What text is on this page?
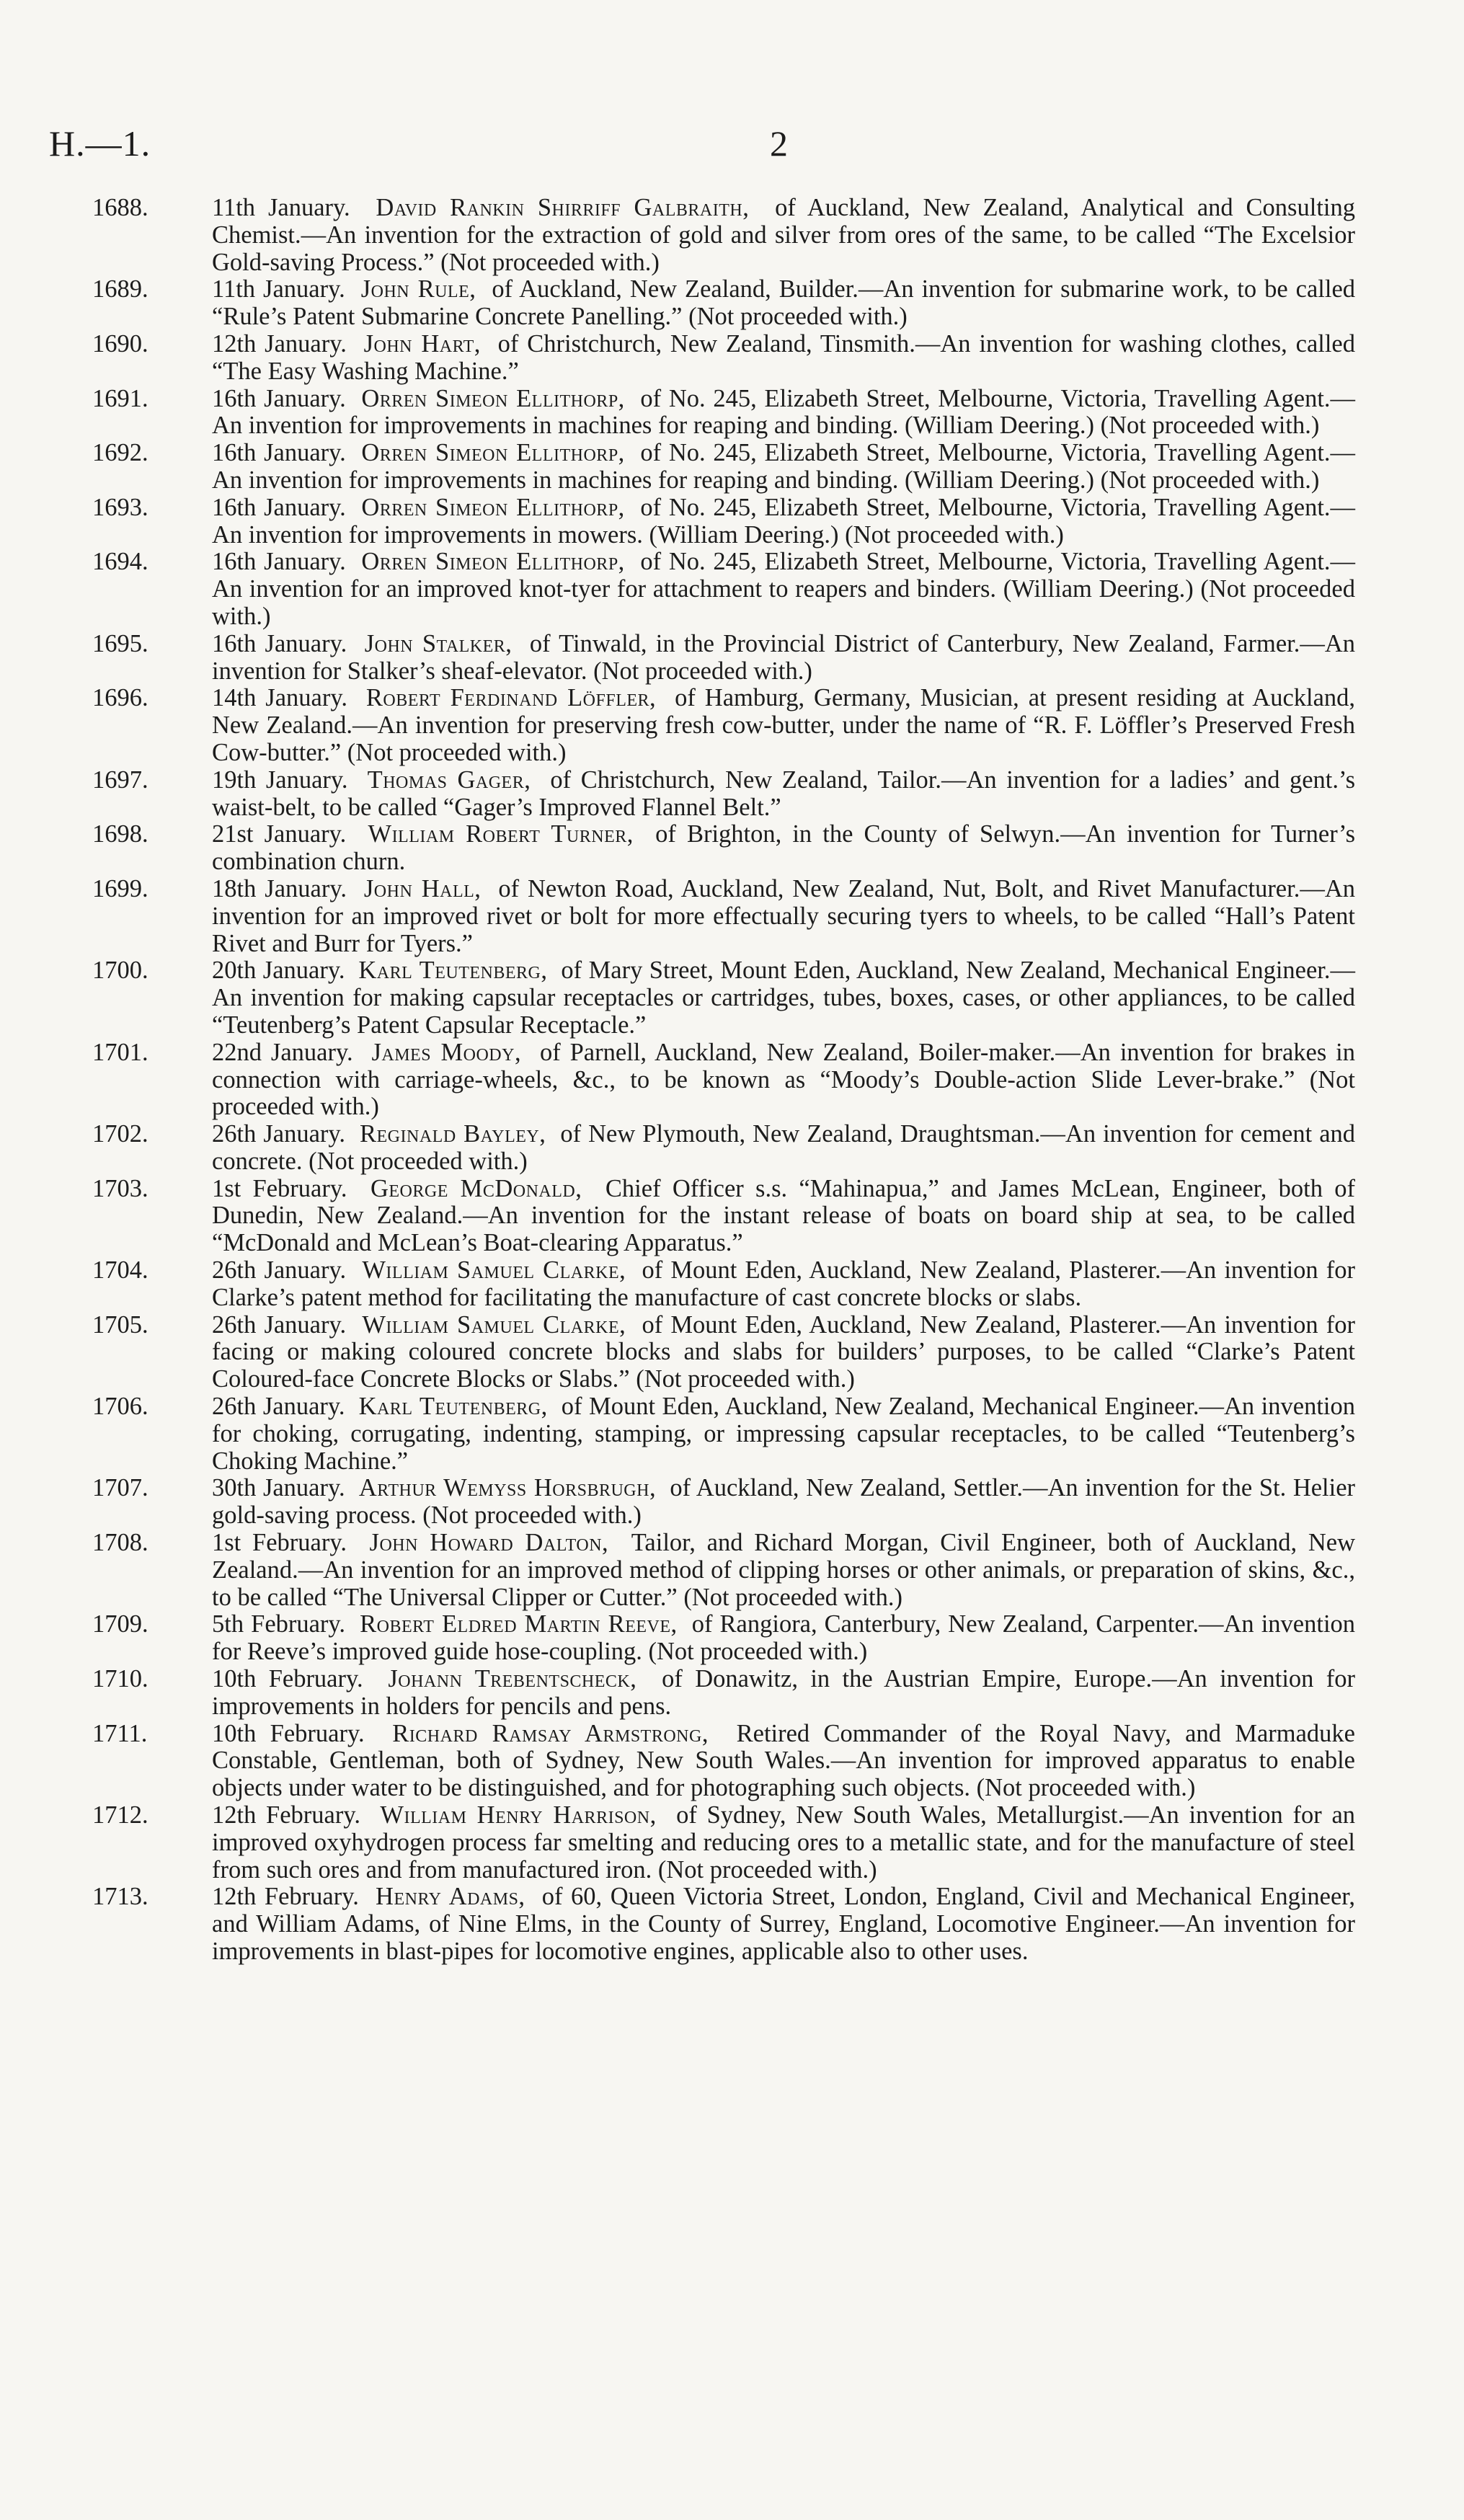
H.—1.	2
1688.	11th January. David Rankin Shirriff Galbraith, of Auckland, New Zealand, Analytical and Consulting Chemist.—An invention for the extraction of gold and silver from ores of the same, to be called “The Excelsior Gold-saving Process.” (Not proceeded with.)
1689.	11th January. John Rule, of Auckland, New Zealand, Builder.—An invention for submarine work, to be called “Rule’s Patent Submarine Concrete Panelling.” (Not proceeded with.)
1690.	12th January. John Hart, of Christchurch, New Zealand, Tinsmith.—An invention for washing clothes, called “The Easy Washing Machine.”
1691.	16th January. Orren Simeon Ellithorp, of No. 245, Elizabeth Street, Melbourne, Victoria, Travelling Agent.—An invention for improvements in machines for reaping and binding. (William Deering.) (Not proceeded with.)
1692.	16th January. Orren Simeon Ellithorp, of No. 245, Elizabeth Street, Melbourne, Victoria, Travelling Agent.—An invention for improvements in machines for reaping and binding. (William Deering.) (Not proceeded with.)
1693.	16th January. Orren Simeon Ellithorp, of No. 245, Elizabeth Street, Melbourne, Victoria, Travelling Agent.—An invention for improvements in mowers. (William Deering.) (Not proceeded with.)
1694.	16th January. Orren Simeon Ellithorp, of No. 245, Elizabeth Street, Melbourne, Victoria, Travelling Agent.—An invention for an improved knot-tyer for attachment to reapers and binders. (William Deering.) (Not proceeded with.)
1695.	16th January. John Stalker, of Tinwald, in the Provincial District of Canterbury, New Zealand, Farmer.—An invention for Stalker’s sheaf-elevator. (Not proceeded with.)
1696.	14th January. Robert Ferdinand Löffler, of Hamburg, Germany, Musician, at present residing at Auckland, New Zealand.—An invention for preserving fresh cow-butter, under the name of “R. F. Löffler’s Preserved Fresh Cow-butter.” (Not proceeded with.)
1697.	19th January. Thomas Gager, of Christchurch, New Zealand, Tailor.—An invention for a ladies’ and gent.’s waist-belt, to be called “Gager’s Improved Flannel Belt.”
1698.	21st January. William Robert Turner, of Brighton, in the County of Selwyn.—An invention for Turner’s combination churn.
1699.	18th January. John Hall, of Newton Road, Auckland, New Zealand, Nut, Bolt, and Rivet Manufacturer.—An invention for an improved rivet or bolt for more effectually securing tyers to wheels, to be called “Hall’s Patent Rivet and Burr for Tyers.”
1700.	20th January. Karl Teutenberg, of Mary Street, Mount Eden, Auckland, New Zealand, Mechanical Engineer.—An invention for making capsular receptacles or cartridges, tubes, boxes, cases, or other appliances, to be called “Teutenberg’s Patent Capsular Receptacle.”
1701.	22nd January. James Moody, of Parnell, Auckland, New Zealand, Boiler-maker.—An invention for brakes in connection with carriage-wheels, &c., to be known as “Moody’s Double-action Slide Lever-brake.” (Not proceeded with.)
1702.	26th January. Reginald Bayley, of New Plymouth, New Zealand, Draughtsman.—An invention for cement and concrete. (Not proceeded with.)
1703.	1st February. George McDonald, Chief Officer s.s. “Mahinapua,” and James McLean, Engineer, both of Dunedin, New Zealand.—An invention for the instant release of boats on board ship at sea, to be called “McDonald and McLean’s Boat-clearing Apparatus.”
1704.	26th January. William Samuel Clarke, of Mount Eden, Auckland, New Zealand, Plasterer.—An invention for Clarke’s patent method for facilitating the manufacture of cast concrete blocks or slabs.
1705.	26th January. William Samuel Clarke, of Mount Eden, Auckland, New Zealand, Plasterer.—An invention for facing or making coloured concrete blocks and slabs for builders’ purposes, to be called “Clarke’s Patent Coloured-face Concrete Blocks or Slabs.” (Not proceeded with.)
1706.	26th January. Karl Teutenberg, of Mount Eden, Auckland, New Zealand, Mechanical Engineer.—An invention for choking, corrugating, indenting, stamping, or impressing capsular receptacles, to be called “Teutenberg’s Choking Machine.”
1707.	30th January. Arthur Wemyss Horsbrugh, of Auckland, New Zealand, Settler.—An invention for the St. Helier gold-saving process. (Not proceeded with.)
1708.	1st February. John Howard Dalton, Tailor, and Richard Morgan, Civil Engineer, both of Auckland, New Zealand.—An invention for an improved method of clipping horses or other animals, or preparation of skins, &c., to be called “The Universal Clipper or Cutter.” (Not proceeded with.)
1709.	5th February. Robert Eldred Martin Reeve, of Rangiora, Canterbury, New Zealand, Carpenter.—An invention for Reeve’s improved guide hose-coupling. (Not proceeded with.)
1710.	10th February. Johann Trebentscheck, of Donawitz, in the Austrian Empire, Europe.—An invention for improvements in holders for pencils and pens.
1711.	10th February. Richard Ramsay Armstrong, Retired Commander of the Royal Navy, and Marmaduke Constable, Gentleman, both of Sydney, New South Wales.—An invention for improved apparatus to enable objects under water to be distinguished, and for photographing such objects. (Not proceeded with.)
1712.	12th February. William Henry Harrison, of Sydney, New South Wales, Metallurgist.—An invention for an improved oxyhydrogen process far smelting and reducing ores to a metallic state, and for the manufacture of steel from such ores and from manufactured iron. (Not proceeded with.)
1713.	12th February. Henry Adams, of 60, Queen Victoria Street, London, England, Civil and Mechanical Engineer, and William Adams, of Nine Elms, in the County of Surrey, England, Locomotive Engineer.—An invention for improvements in blast-pipes for locomotive engines, applicable also to other uses.
